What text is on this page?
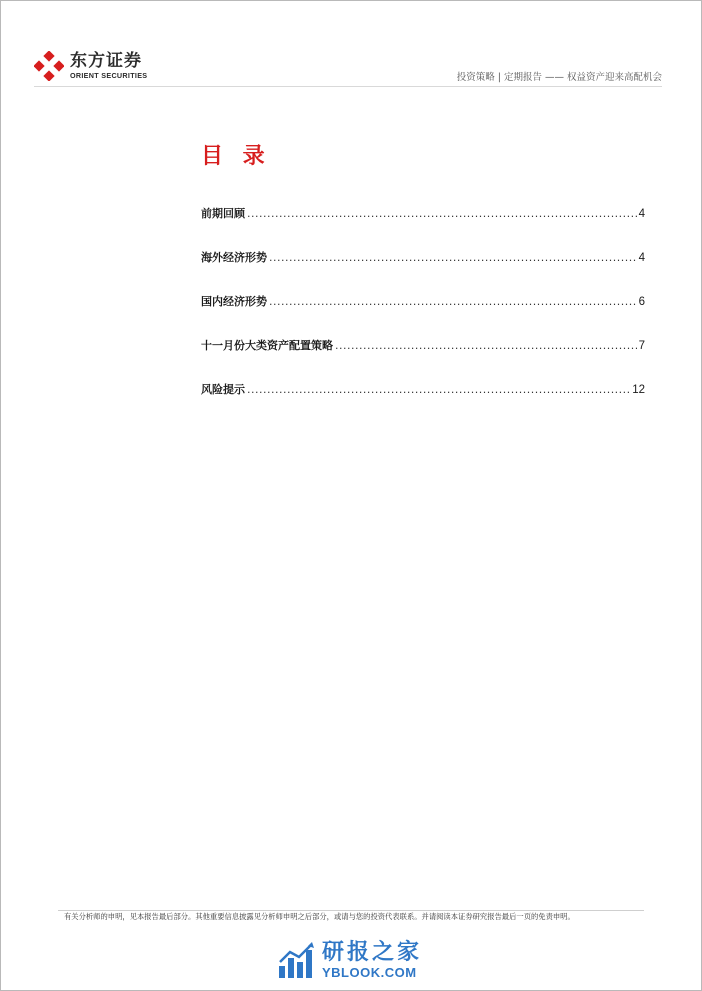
东方证券
ORIENT SECURITIES	投资策略 | 定期报告 —— 权益资产迎来高配机会
目 录
前期回顾 .....	4
海外经济形势 .....	4
国内经济形势 .....	6
十一月份大类资产配置策略 .....	7
风险提示 .....	12
有关分析师的申明，见本报告最后部分。其他重要信息披露见分析师申明之后部分，或请与您的投资代表联系。并请阅读本证券研究报告最后一页的免责申明。
研报之家
YBLOOK.COM
